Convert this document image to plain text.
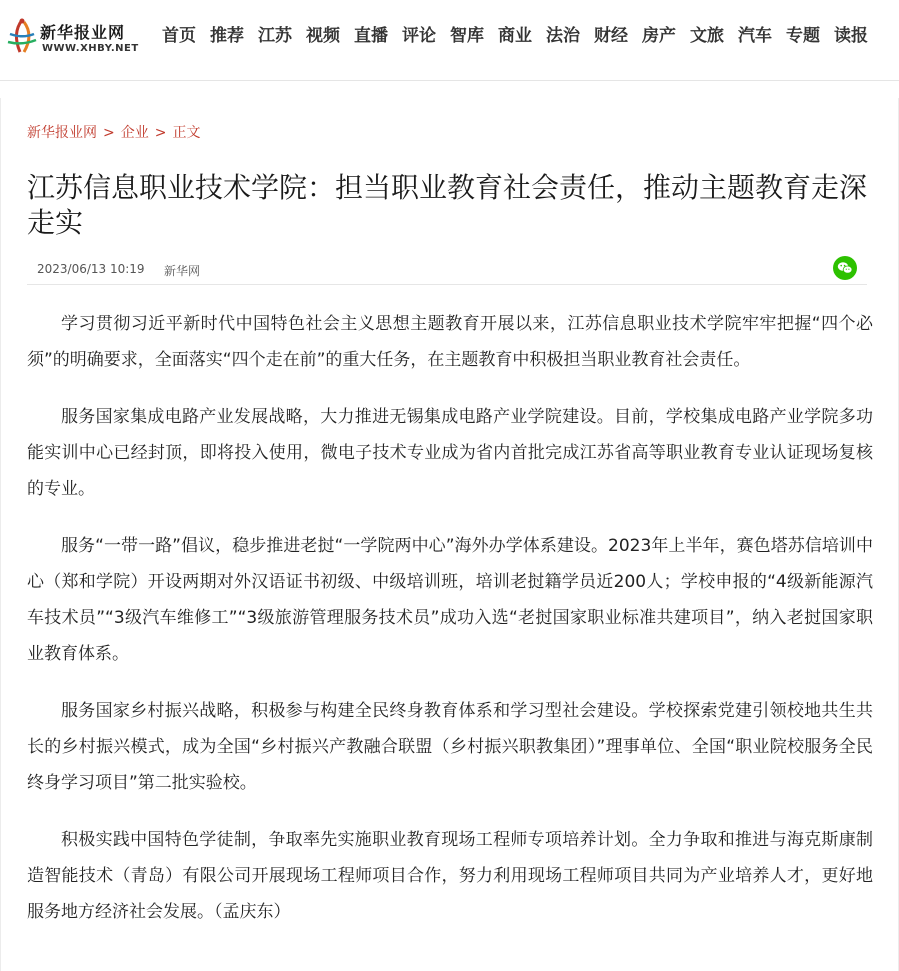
新华报业网
WWW.XHBY.NET
首页 推荐 江苏 视频 直播 评论 智库 商业 法治 财经 房产 文旅 汽车 专题 读报
新华报业网 > 企业 > 正文
江苏信息职业技术学院：担当职业教育社会责任，推动主题教育走深走实
2023/06/13 10:19 新华网

学习贯彻习近平新时代中国特色社会主义思想主题教育开展以来，江苏信息职业技术学院牢牢把握“四个必须”的明确要求，全面落实“四个走在前”的重大任务，在主题教育中积极担当职业教育社会责任。

服务国家集成电路产业发展战略，大力推进无锡集成电路产业学院建设。目前，学校集成电路产业学院多功能实训中心已经封顶，即将投入使用，微电子技术专业成为省内首批完成江苏省高等职业教育专业认证现场复核的专业。

服务“一带一路”倡议，稳步推进老挝“一学院两中心”海外办学体系建设。2023年上半年，赛色塔苏信培训中心（郑和学院）开设两期对外汉语证书初级、中级培训班，培训老挝籍学员近200人；学校申报的“4级新能源汽车技术员”“3级汽车维修工”“3级旅游管理服务技术员”成功入选“老挝国家职业标准共建项目”，纳入老挝国家职业教育体系。

服务国家乡村振兴战略，积极参与构建全民终身教育体系和学习型社会建设。学校探索党建引领校地共生共长的乡村振兴模式，成为全国“乡村振兴产教融合联盟（乡村振兴职教集团）”理事单位、全国“职业院校服务全民终身学习项目”第二批实验校。

积极实践中国特色学徒制，争取率先实施职业教育现场工程师专项培养计划。全力争取和推进与海克斯康制造智能技术（青岛）有限公司开展现场工程师项目合作，努力利用现场工程师项目共同为产业培养人才，更好地服务地方经济社会发展。（孟庆东）
